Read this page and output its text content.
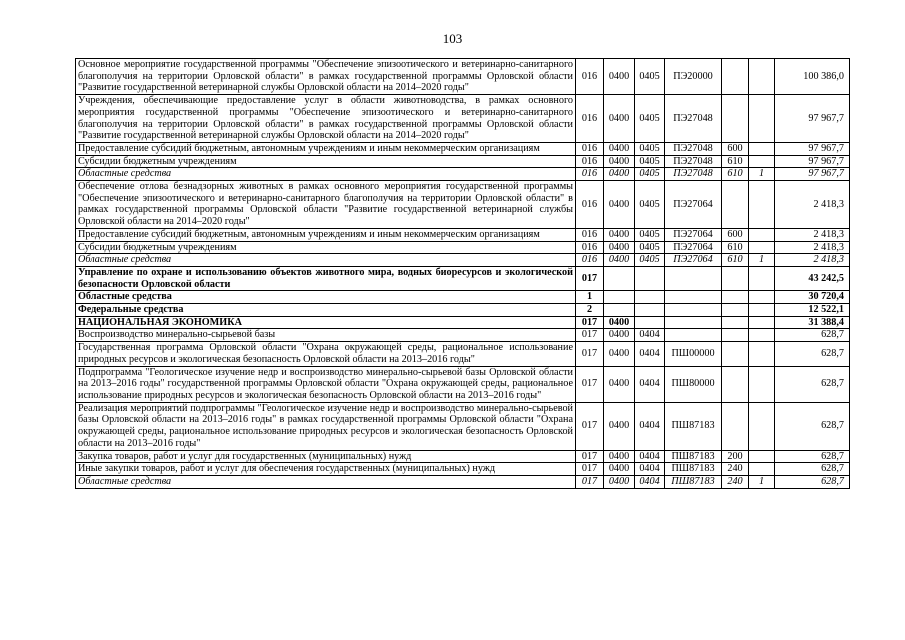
103
Основное мероприятие государственной программы "Обеспечение эпизоотического и ветеринарно-санитарного благополучия на территории Орловской области" в рамках государственной программы Орловской области "Развитие государственной ветеринарной службы Орловской области на 2014–2020 годы"	016	0400	0405	ПЭ20000			100 386,0
Учреждения, обеспечивающие предоставление услуг в области животноводства, в рамках основного мероприятия государственной программы "Обеспечение эпизоотического и ветеринарно-санитарного благополучия на территории Орловской области" в рамках государственной программы Орловской области "Развитие государственной ветеринарной службы Орловской области на 2014–2020 годы"	016	0400	0405	ПЭ27048			97 967,7
Предоставление субсидий бюджетным, автономным учреждениям и иным некоммерческим организациям	016	0400	0405	ПЭ27048	600		97 967,7
Субсидии бюджетным учреждениям	016	0400	0405	ПЭ27048	610		97 967,7
Областные средства	016	0400	0405	ПЭ27048	610	1	97 967,7
Обеспечение отлова безнадзорных животных в рамках основного мероприятия государственной программы "Обеспечение эпизоотического и ветеринарно-санитарного благополучия на территории Орловской области" в рамках государственной программы Орловской области "Развитие государственной ветеринарной службы Орловской области на 2014–2020 годы"	016	0400	0405	ПЭ27064			2 418,3
Предоставление субсидий бюджетным, автономным учреждениям и иным некоммерческим организациям	016	0400	0405	ПЭ27064	600		2 418,3
Субсидии бюджетным учреждениям	016	0400	0405	ПЭ27064	610		2 418,3
Областные средства	016	0400	0405	ПЭ27064	610	1	2 418,3
Управление по охране и использованию объектов животного мира, водных биоресурсов и экологической безопасности Орловской области	017						43 242,5
Областные средства	1						30 720,4
Федеральные средства	2						12 522,1
НАЦИОНАЛЬНАЯ ЭКОНОМИКА	017	0400					31 388,4
Воспроизводство минерально-сырьевой базы	017	0400	0404				628,7
Государственная программа Орловской области "Охрана окружающей среды, рациональное использование природных ресурсов и экологическая безопасность Орловской области на 2013–2016 годы"	017	0400	0404	ПШ00000			628,7
Подпрограмма "Геологическое изучение недр и воспроизводство минерально-сырьевой базы Орловской области на 2013–2016 годы" государственной программы Орловской области "Охрана окружающей среды, рациональное использование природных ресурсов и экологическая безопасность Орловской области на 2013–2016 годы"	017	0400	0404	ПШ80000			628,7
Реализация мероприятий подпрограммы "Геологическое изучение недр и воспроизводство минерально-сырьевой базы Орловской области на 2013–2016 годы" в рамках государственной программы Орловской области "Охрана окружающей среды, рациональное использование природных ресурсов и экологическая безопасность Орловской области на 2013–2016 годы"	017	0400	0404	ПШ87183			628,7
Закупка товаров, работ и услуг для государственных (муниципальных) нужд	017	0400	0404	ПШ87183	200		628,7
Иные закупки товаров, работ и услуг для обеспечения государственных (муниципальных) нужд	017	0400	0404	ПШ87183	240		628,7
Областные средства	017	0400	0404	ПШ87183	240	1	628,7
